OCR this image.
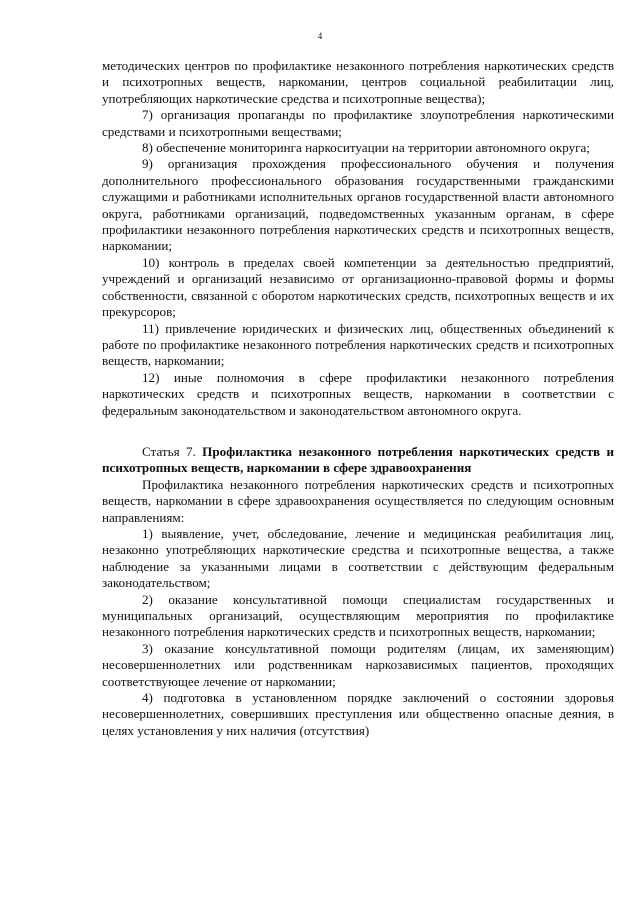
4

методических центров по профилактике незаконного потребления наркотических средств и психотропных веществ, наркомании, центров социальной реабилитации лиц, употребляющих наркотические средства и психотропные вещества);

7) организация пропаганды по профилактике злоупотребления наркотическими средствами и психотропными веществами;

8) обеспечение мониторинга наркоситуации на территории автономного округа;

9) организация прохождения профессионального обучения и получения дополнительного профессионального образования государственными гражданскими служащими и работниками исполнительных органов государственной власти автономного округа, работниками организаций, подведомственных указанным органам, в сфере профилактики незаконного потребления наркотических средств и психотропных веществ, наркомании;

10) контроль в пределах своей компетенции за деятельностью предприятий, учреждений и организаций независимо от организационно-правовой формы и формы собственности, связанной с оборотом наркотических средств, психотропных веществ и их прекурсоров;

11) привлечение юридических и физических лиц, общественных объединений к работе по профилактике незаконного потребления наркотических средств и психотропных веществ, наркомании;

12) иные полномочия в сфере профилактики незаконного потребления наркотических средств и психотропных веществ, наркомании в соответствии с федеральным законодательством и законодательством автономного округа.

Статья 7. Профилактика незаконного потребления наркотических средств и психотропных веществ, наркомании в сфере здравоохранения

Профилактика незаконного потребления наркотических средств и психотропных веществ, наркомании в сфере здравоохранения осуществляется по следующим основным направлениям:

1) выявление, учет, обследование, лечение и медицинская реабилитация лиц, незаконно употребляющих наркотические средства и психотропные вещества, а также наблюдение за указанными лицами в соответствии с действующим федеральным законодательством;

2) оказание консультативной помощи специалистам государственных и муниципальных организаций, осуществляющим мероприятия по профилактике незаконного потребления наркотических средств и психотропных веществ, наркомании;

3) оказание консультативной помощи родителям (лицам, их заменяющим) несовершеннолетних или родственникам наркозависимых пациентов, проходящих соответствующее лечение от наркомании;

4) подготовка в установленном порядке заключений о состоянии здоровья несовершеннолетних, совершивших преступления или общественно опасные деяния, в целях установления у них наличия (отсутствия)
